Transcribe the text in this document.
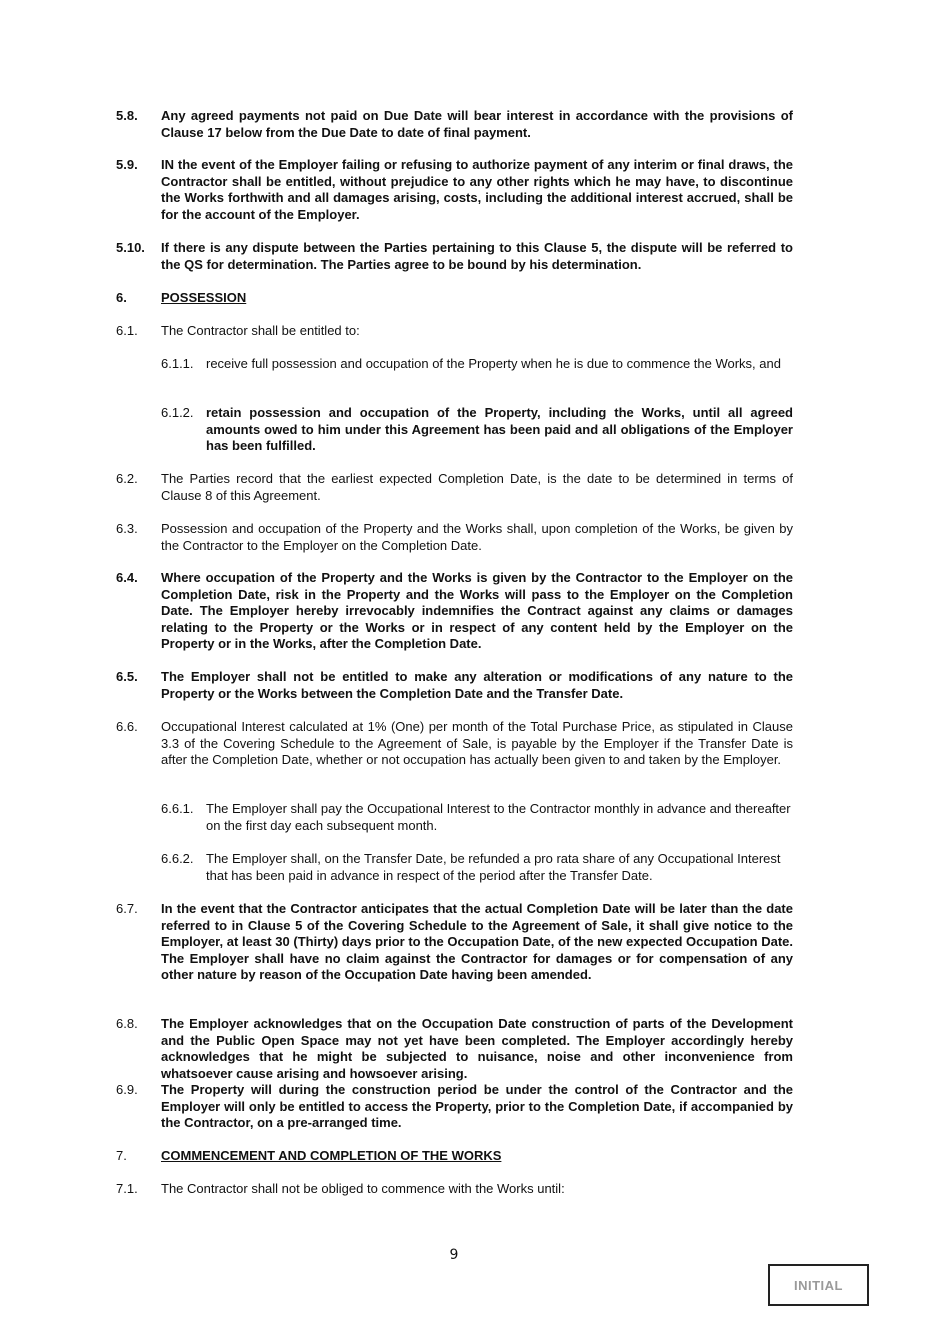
5.8. Any agreed payments not paid on Due Date will bear interest in accordance with the provisions of Clause 17 below from the Due Date to date of final payment.
5.9. IN the event of the Employer failing or refusing to authorize payment of any interim or final draws, the Contractor shall be entitled, without prejudice to any other rights which he may have, to discontinue the Works forthwith and all damages arising, costs, including the additional interest accrued, shall be for the account of the Employer.
5.10. If there is any dispute between the Parties pertaining to this Clause 5, the dispute will be referred to the QS for determination. The Parties agree to be bound by his determination.
6.	POSSESSION
6.1. The Contractor shall be entitled to:
6.1.1. receive full possession and occupation of the Property when he is due to commence the Works, and
6.1.2. retain possession and occupation of the Property, including the Works, until all agreed amounts owed to him under this Agreement has been paid and all obligations of the Employer has been fulfilled.
6.2. The Parties record that the earliest expected Completion Date, is the date to be determined in terms of Clause 8 of this Agreement.
6.3. Possession and occupation of the Property and the Works shall, upon completion of the Works, be given by the Contractor to the Employer on the Completion Date.
6.4. Where occupation of the Property and the Works is given by the Contractor to the Employer on the Completion Date, risk in the Property and the Works will pass to the Employer on the Completion Date. The Employer hereby irrevocably indemnifies the Contract against any claims or damages relating to the Property or the Works or in respect of any content held by the Employer on the Property or in the Works, after the Completion Date.
6.5. The Employer shall not be entitled to make any alteration or modifications of any nature to the Property or the Works between the Completion Date and the Transfer Date.
6.6. Occupational Interest calculated at 1% (One) per month of the Total Purchase Price, as stipulated in Clause 3.3 of the Covering Schedule to the Agreement of Sale, is payable by the Employer if the Transfer Date is after the Completion Date, whether or not occupation has actually been given to and taken by the Employer.
6.6.1. The Employer shall pay the Occupational Interest to the Contractor monthly in advance and thereafter on the first day each subsequent month.
6.6.2. The Employer shall, on the Transfer Date, be refunded a pro rata share of any Occupational Interest that has been paid in advance in respect of the period after the Transfer Date.
6.7. In the event that the Contractor anticipates that the actual Completion Date will be later than the date referred to in Clause 5 of the Covering Schedule to the Agreement of Sale, it shall give notice to the Employer, at least 30 (Thirty) days prior to the Occupation Date, of the new expected Occupation Date. The Employer shall have no claim against the Contractor for damages or for compensation of any other nature by reason of the Occupation Date having been amended.
6.8. The Employer acknowledges that on the Occupation Date construction of parts of the Development and the Public Open Space may not yet have been completed. The Employer accordingly hereby acknowledges that he might be subjected to nuisance, noise and other inconvenience from whatsoever cause arising and howsoever arising.
6.9. The Property will during the construction period be under the control of the Contractor and the Employer will only be entitled to access the Property, prior to the Completion Date, if accompanied by the Contractor, on a pre-arranged time.
7.	COMMENCEMENT AND COMPLETION OF THE WORKS
7.1. The Contractor shall not be obliged to commence with the Works until:
9
INITIAL
